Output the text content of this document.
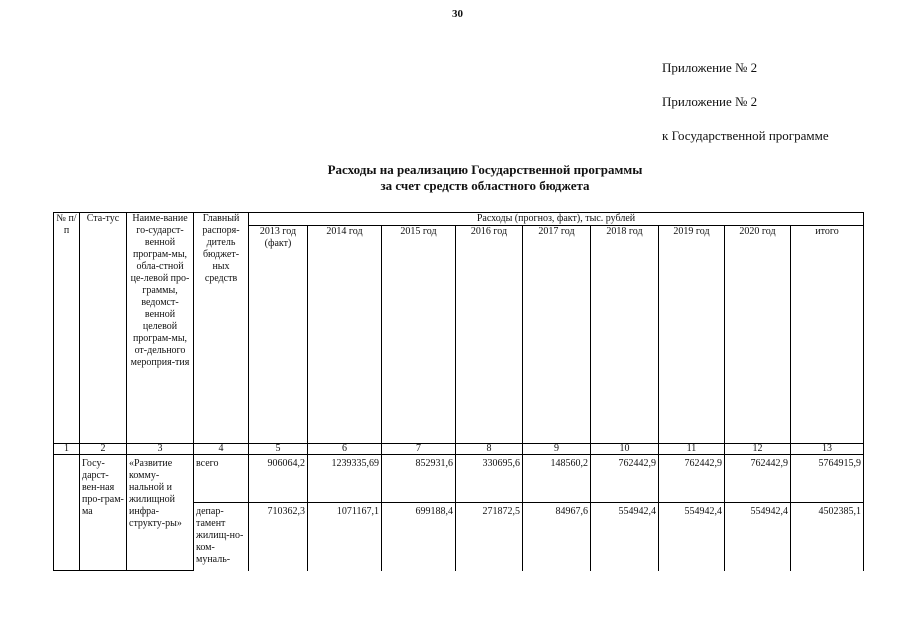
30
Приложение № 2
Приложение № 2
к Государственной программе
Расходы на реализацию Государственной программы
за счет средств областного бюджета
№ п/п	Ста-тус	Наиме-вание го-сударст-венной програм-мы, обла-стной це-левой про-граммы, ведомст-венной целевой програм-мы, от-дельного мероприя-тия	Главный распоря-дитель бюджет-ных средств	Расходы (прогноз, факт), тыс. рублей								
				2013 год (факт)	2014 год	2015 год	2016 год	2017 год	2018 год	2019 год	2020 год	итого
1	2	3	4	5	6	7	8	9	10	11	12	13
	Госу-дарст-вен-ная про-грам-ма	«Развитие комму-нальной и жилищной инфра-структу-ры»	всего	906064,2	1239335,69	852931,6	330695,6	148560,2	762442,9	762442,9	762442,9	5764915,9
			депар-тамент жилищ-но-ком-муналь-	710362,3	1071167,1	699188,4	271872,5	84967,6	554942,4	554942,4	554942,4	4502385,1
